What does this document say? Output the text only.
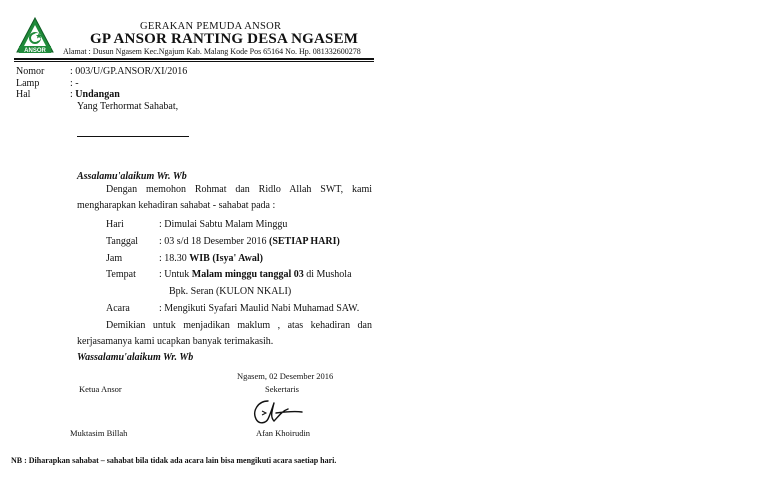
ANSOR
GERAKAN PEMUDA ANSOR
GP ANSOR RANTING DESA NGASEM
Alamat : Dusun Ngasem Kec.Ngajum Kab. Malang Kode Pos 65164 No. Hp. 081332600278
Nomor	: 003/U/GP.ANSOR/XI/2016
Lamp	: -
Hal	: Undangan
Yang Terhormat Sahabat,
Assalamu'alaikum Wr. Wb
Dengan memohon Rohmat dan Ridlo Allah SWT, kami
mengharapkan kehadiran sahabat - sahabat pada :
Hari	: Dimulai Sabtu Malam Minggu
Tanggal : 03 s/d 18 Desember 2016 (SETIAP HARI)
Jam	: 18.30 WIB (Isya' Awal)
Tempat : Untuk Malam minggu tanggal 03 di Mushola
Bpk. Seran (KULON NKALI)
Acara	: Mengikuti Syafari Maulid Nabi Muhamad SAW.
Demikian untuk menjadikan maklum , atas kehadiran dan
kerjasamanya kami ucapkan banyak terimakasih.
Wassalamu'alaikum Wr. Wb
Ngasem, 02 Desember 2016
Ketua Ansor	Sekertaris
Muktasim Billah	Afan Khoirudin
NB : Diharapkan sahabat – sahabat bila tidak ada acara lain bisa mengikuti acara saetiap hari.
